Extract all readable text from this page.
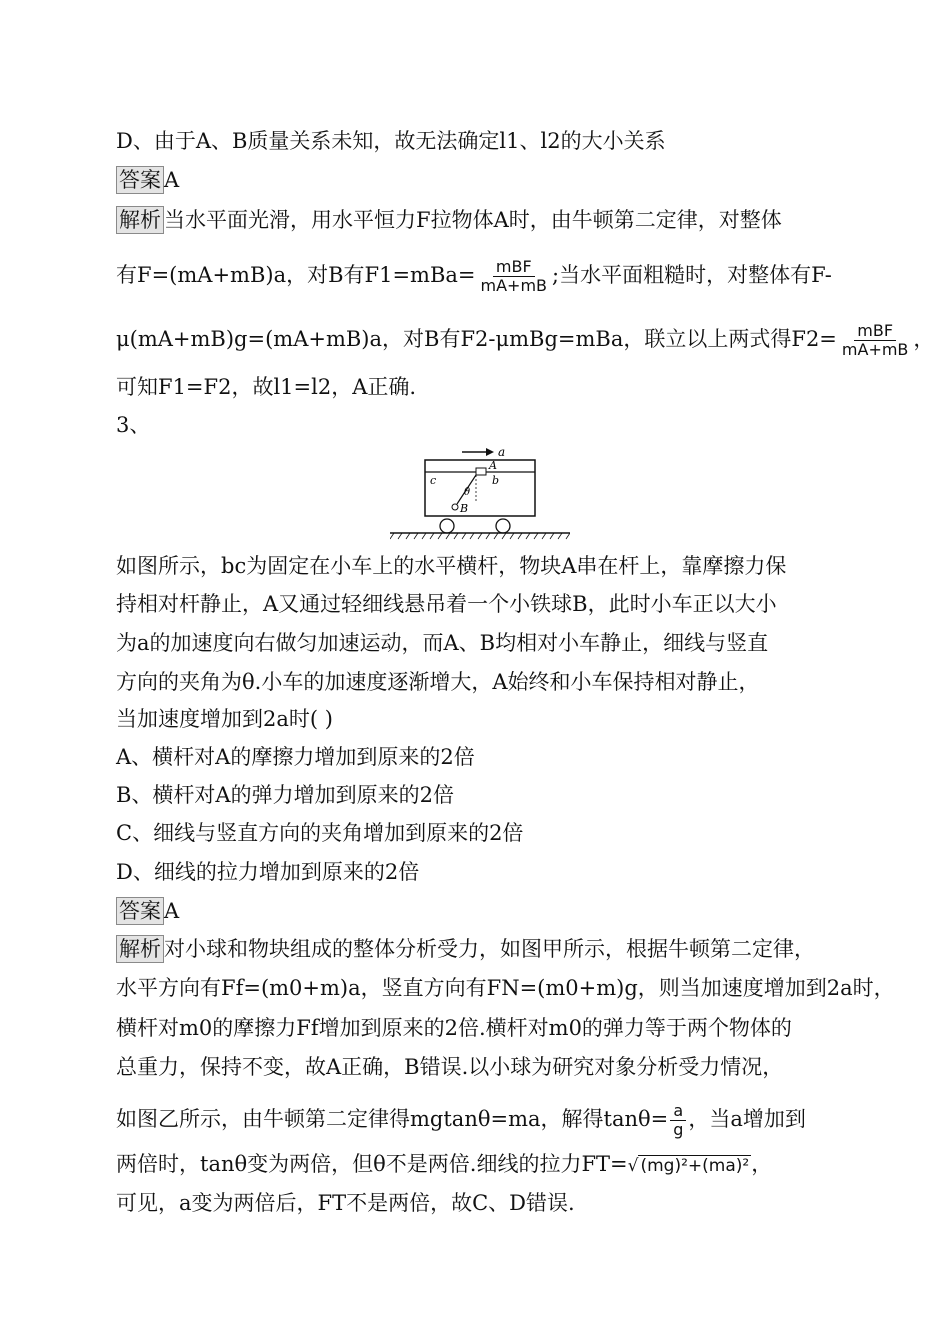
D、由于A、B质量关系未知，故无法确定l1、l2的大小关系
答案 A
解析 当水平面光滑，用水平恒力F拉物体A时，由牛顿第二定律，对整体
有F=(mA+mB)a，对B有$F1=mBa= \frac{\text{mBF}}{mA+mB}$ ;当水平面粗糙时，对整体有F-
μ(mA+mB)g=(mA+mB)a，对B有F2-μmBg=mBa，联立以上两式得$F2= \frac{\text{mBF}}{mA+mB}$ ，
可知F1=F2，故l1=l2，A正确.
3、
a
A
b
c
θ
B
如图所示，bc为固定在小车上的水平横杆，物块A串在杆上，靠摩擦力保
持相对杆静止，A又通过轻细线悬吊着一个小铁球B，此时小车正以大小
为a的加速度向右做匀加速运动，而A、B均相对小车静止，细线与竖直
方向的夹角为θ.小车的加速度逐渐增大，A始终和小车保持相对静止，
当加速度增加到2a时( )
A、横杆对A的摩擦力增加到原来的2倍
B、横杆对A的弹力增加到原来的2倍
C、细线与竖直方向的夹角增加到原来的2倍
D、细线的拉力增加到原来的2倍
答案 A
解析 对小球和物块组成的整体分析受力，如图甲所示，根据牛顿第二定律，
水平方向有Ff=(m0+m)a，竖直方向有FN=(m0+m)g，则当加速度增加到2a时，
横杆对m0的摩擦力Ff增加到原来的2倍.横杆对m0的弹力等于两个物体的
总重力，保持不变，故A正确，B错误.以小球为研究对象分析受力情况，
如图乙所示，由牛顿第二定律得mgtanθ=ma，解得$\tan\theta= \frac{a}{g}$ ，当a增加到
两倍时，tanθ变为两倍，但θ不是两倍.细线的拉力FT=√ (mg)²+(ma)²，
可见，a变为两倍后，FT不是两倍，故C、D错误.
